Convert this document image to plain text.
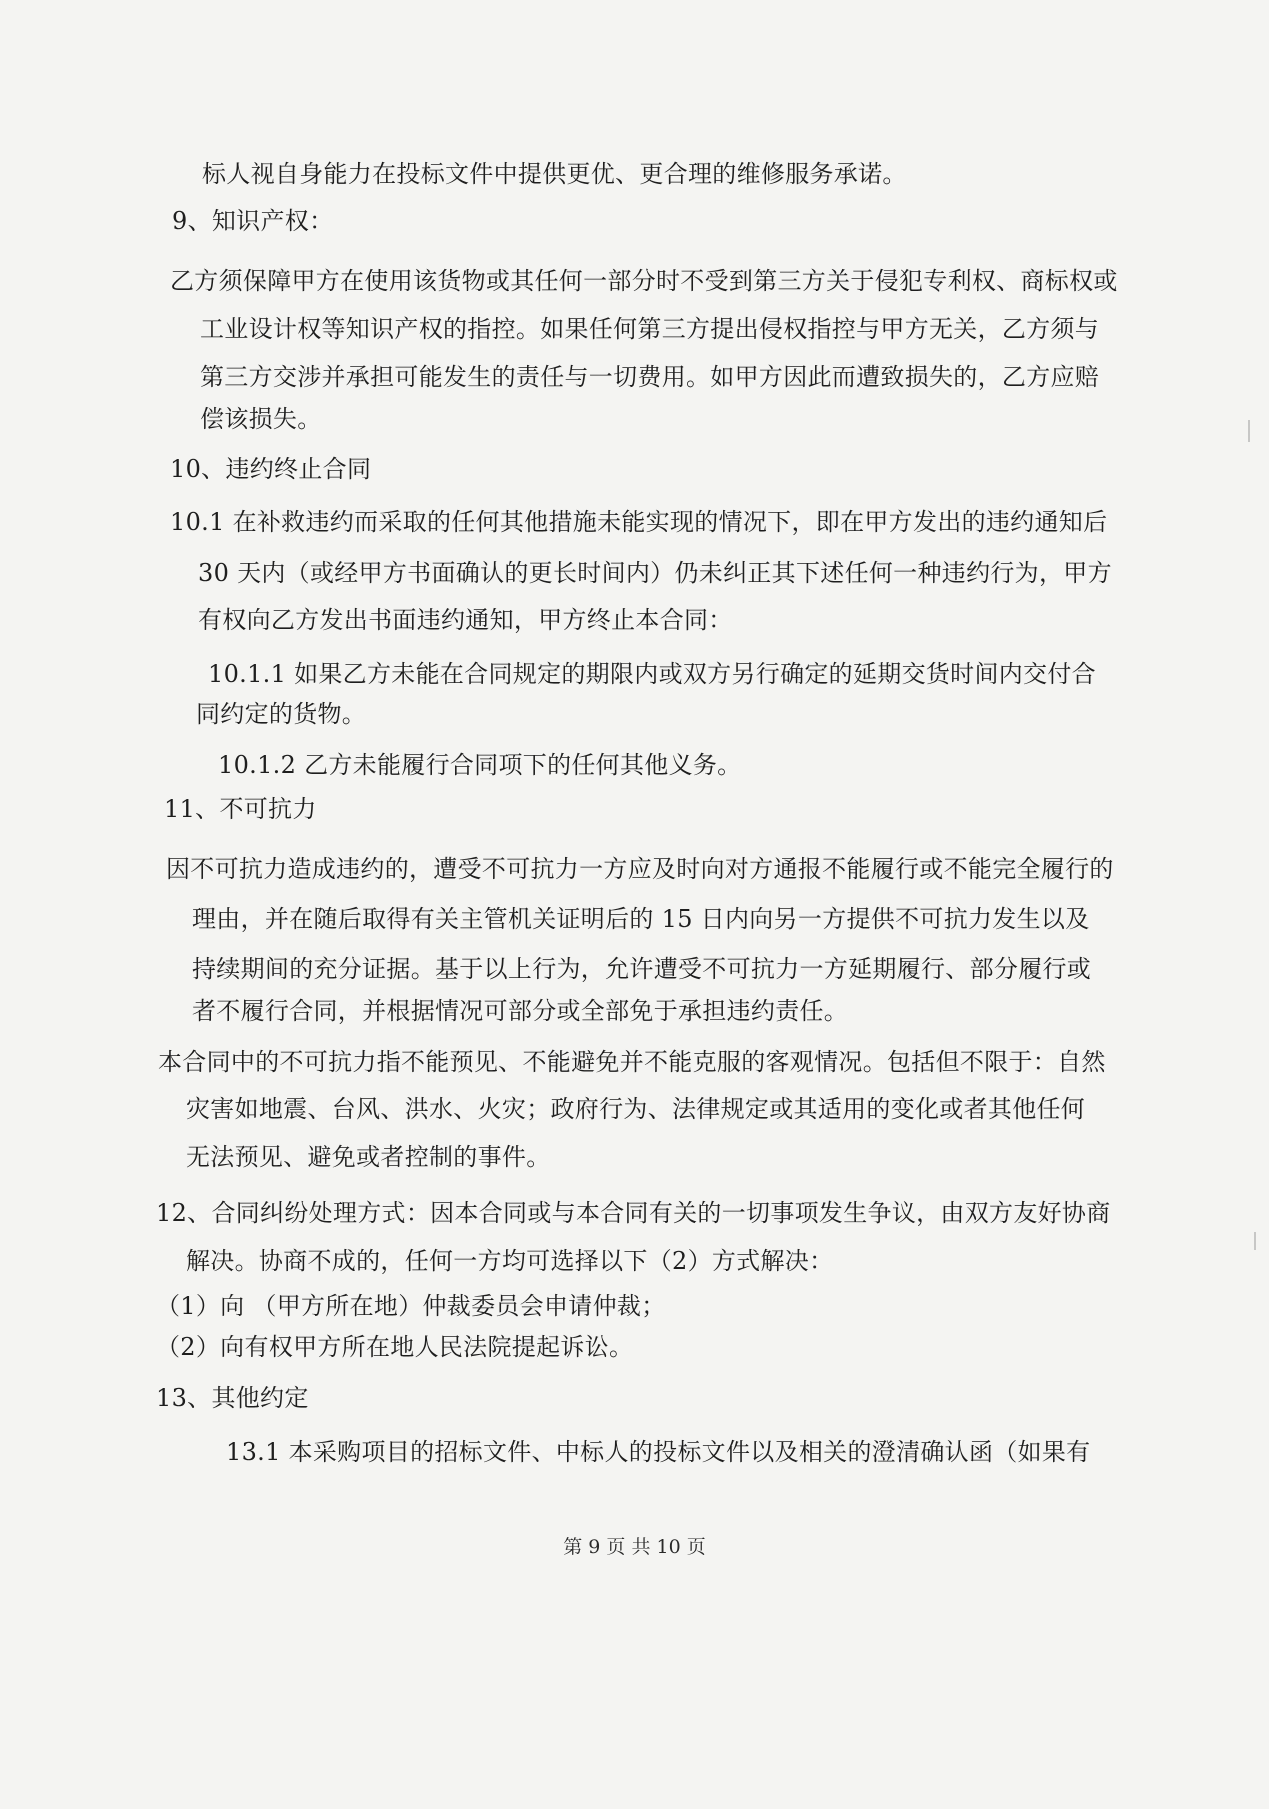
标人视自身能力在投标文件中提供更优、更合理的维修服务承诺。
9、知识产权：
乙方须保障甲方在使用该货物或其任何一部分时不受到第三方关于侵犯专利权、商标权或
工业设计权等知识产权的指控。如果任何第三方提出侵权指控与甲方无关，乙方须与
第三方交涉并承担可能发生的责任与一切费用。如甲方因此而遭致损失的，乙方应赔
偿该损失。
10、违约终止合同
10.1 在补救违约而采取的任何其他措施未能实现的情况下，即在甲方发出的违约通知后
30 天内（或经甲方书面确认的更长时间内）仍未纠正其下述任何一种违约行为，甲方
有权向乙方发出书面违约通知，甲方终止本合同：
10.1.1 如果乙方未能在合同规定的期限内或双方另行确定的延期交货时间内交付合
同约定的货物。
10.1.2 乙方未能履行合同项下的任何其他义务。
11、不可抗力
因不可抗力造成违约的，遭受不可抗力一方应及时向对方通报不能履行或不能完全履行的
理由，并在随后取得有关主管机关证明后的 15 日内向另一方提供不可抗力发生以及
持续期间的充分证据。基于以上行为，允许遭受不可抗力一方延期履行、部分履行或
者不履行合同，并根据情况可部分或全部免于承担违约责任。
本合同中的不可抗力指不能预见、不能避免并不能克服的客观情况。包括但不限于：自然
灾害如地震、台风、洪水、火灾；政府行为、法律规定或其适用的变化或者其他任何
无法预见、避免或者控制的事件。
12、合同纠纷处理方式：因本合同或与本合同有关的一切事项发生争议，由双方友好协商
解决。协商不成的，任何一方均可选择以下（2）方式解决：
（1）向 （甲方所在地）仲裁委员会申请仲裁；
（2）向有权甲方所在地人民法院提起诉讼。
13、其他约定
13.1 本采购项目的招标文件、中标人的投标文件以及相关的澄清确认函（如果有
第 9 页 共 10 页
